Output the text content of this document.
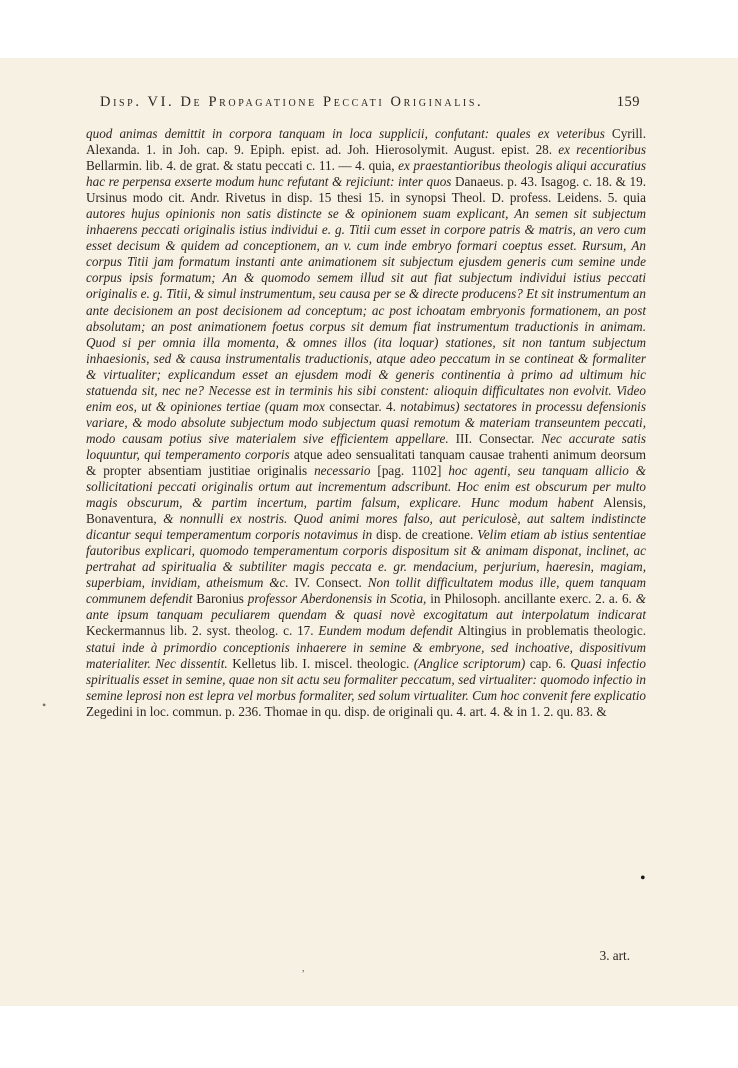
Disp. VI. De Propagatione Peccati Originalis.	159
quod animas demittit in corpora tanquam in loca supplicii, confutant: quales ex veteribus Cyrill. Alexanda. 1. in Joh. cap. 9. Epiph. epist. ad. Joh. Hierosolymit. August. epist. 28. ex recentioribus Bellarmin. lib. 4. de grat. & statu peccati c. 11. — 4. quia, ex praestantioribus theologis aliqui accuratius hac re perpensa exserte modum hunc refutant & rejiciunt: inter quos Danaeus. p. 43. Isagog. c. 18. & 19. Ursinus modo cit. Andr. Rivetus in disp. 15 thesi 15. in synopsi Theol. D. profess. Leidens. 5. quia autores hujus opinionis non satis distincte se & opinionem suam explicant, An semen sit subjectum inhaerens peccati originalis istius individui e. g. Titii cum esset in corpore patris & matris, an vero cum esset decisum & quidem ad conceptionem, an v. cum inde embryo formari coeptus esset. Rursum, An corpus Titii jam formatum instanti ante animationem sit subjectum ejusdem generis cum semine unde corpus ipsis formatum; An & quomodo semem illud sit aut fiat subjectum individui istius peccati originalis e. g. Titii, & simul instrumentum, seu causa per se & directe producens? Et sit instrumentum an ante decisionem an post decisionem ad conceptum; ac post ichoatam embryonis formationem, an post absolutam; an post animationem foetus corpus sit demum fiat instrumentum traductionis in animam. Quod si per omnia illa momenta, & omnes illos (ita loquar) stationes, sit non tantum subjectum inhaesionis, sed & causa instrumentalis traductionis, atque adeo peccatum in se contineat & formaliter & virtualiter; explicandum esset an ejusdem modi & generis continentia à primo ad ultimum hic statuenda sit, nec ne? Necesse est in terminis his sibi constent: alioquin difficultates non evolvit. Video enim eos, ut & opiniones tertiae (quam mox consectar. 4. notabimus) sectatores in processu defensionis variare, & modo absolute subjectum modo subjectum quasi remotum & materiam transeuntem peccati, modo causam potius sive materialem sive efficientem appellare. III. Consectar. Nec accurate satis loquuntur, qui temperamento corporis atque adeo sensualitati tanquam causae trahenti animum deorsum & propter absentiam justitiae originalis necessario [pag. 1102] hoc agenti, seu tanquam allicio & sollicitationi peccati originalis ortum aut incrementum adscribunt. Hoc enim est obscurum per multo magis obscurum, & partim incertum, partim falsum, explicare. Hunc modum habent Alensis, Bonaventura, & nonnulli ex nostris. Quod animi mores falso, aut periculosè, aut saltem indistincte dicantur sequi temperamentum corporis notavimus in disp. de creatione. Velim etiam ab istius sententiae fautoribus explicari, quomodo temperamentum corporis dispositum sit & animam disponat, inclinet, ac pertrahat ad spiritualia & subtiliter magis peccata e. gr. mendacium, perjurium, haeresin, magiam, superbiam, invidiam, atheismum &c. IV. Consect. Non tollit difficultatem modus ille, quem tanquam communem defendit Baronius professor Aberdonensis in Scotia, in Philosoph. ancillante exerc. 2. a. 6. & ante ipsum tanquam peculiarem quendam & quasi novè excogitatum aut interpolatum indicarat Keckermannus lib. 2. syst. theolog. c. 17. Eundem modum defendit Altingius in problematis theologic. statui inde à primordio conceptionis inhaerere in semine & embryone, sed inchoative, dispositivum materialiter. Nec dissentit. Kelletus lib. I. miscel. theologic. (Anglice scriptorum) cap. 6. Quasi infectio spiritualis esset in semine, quae non sit actu seu formaliter peccatum, sed virtualiter: quomodo infectio in semine leprosi non est lepra vel morbus formaliter, sed solum virtualiter. Cum hoc convenit fere explicatio Zegedini in loc. commun. p. 236. Thomae in qu. disp. de originali qu. 4. art. 4. & in 1. 2. qu. 83. &
3. art.
•
•
,
